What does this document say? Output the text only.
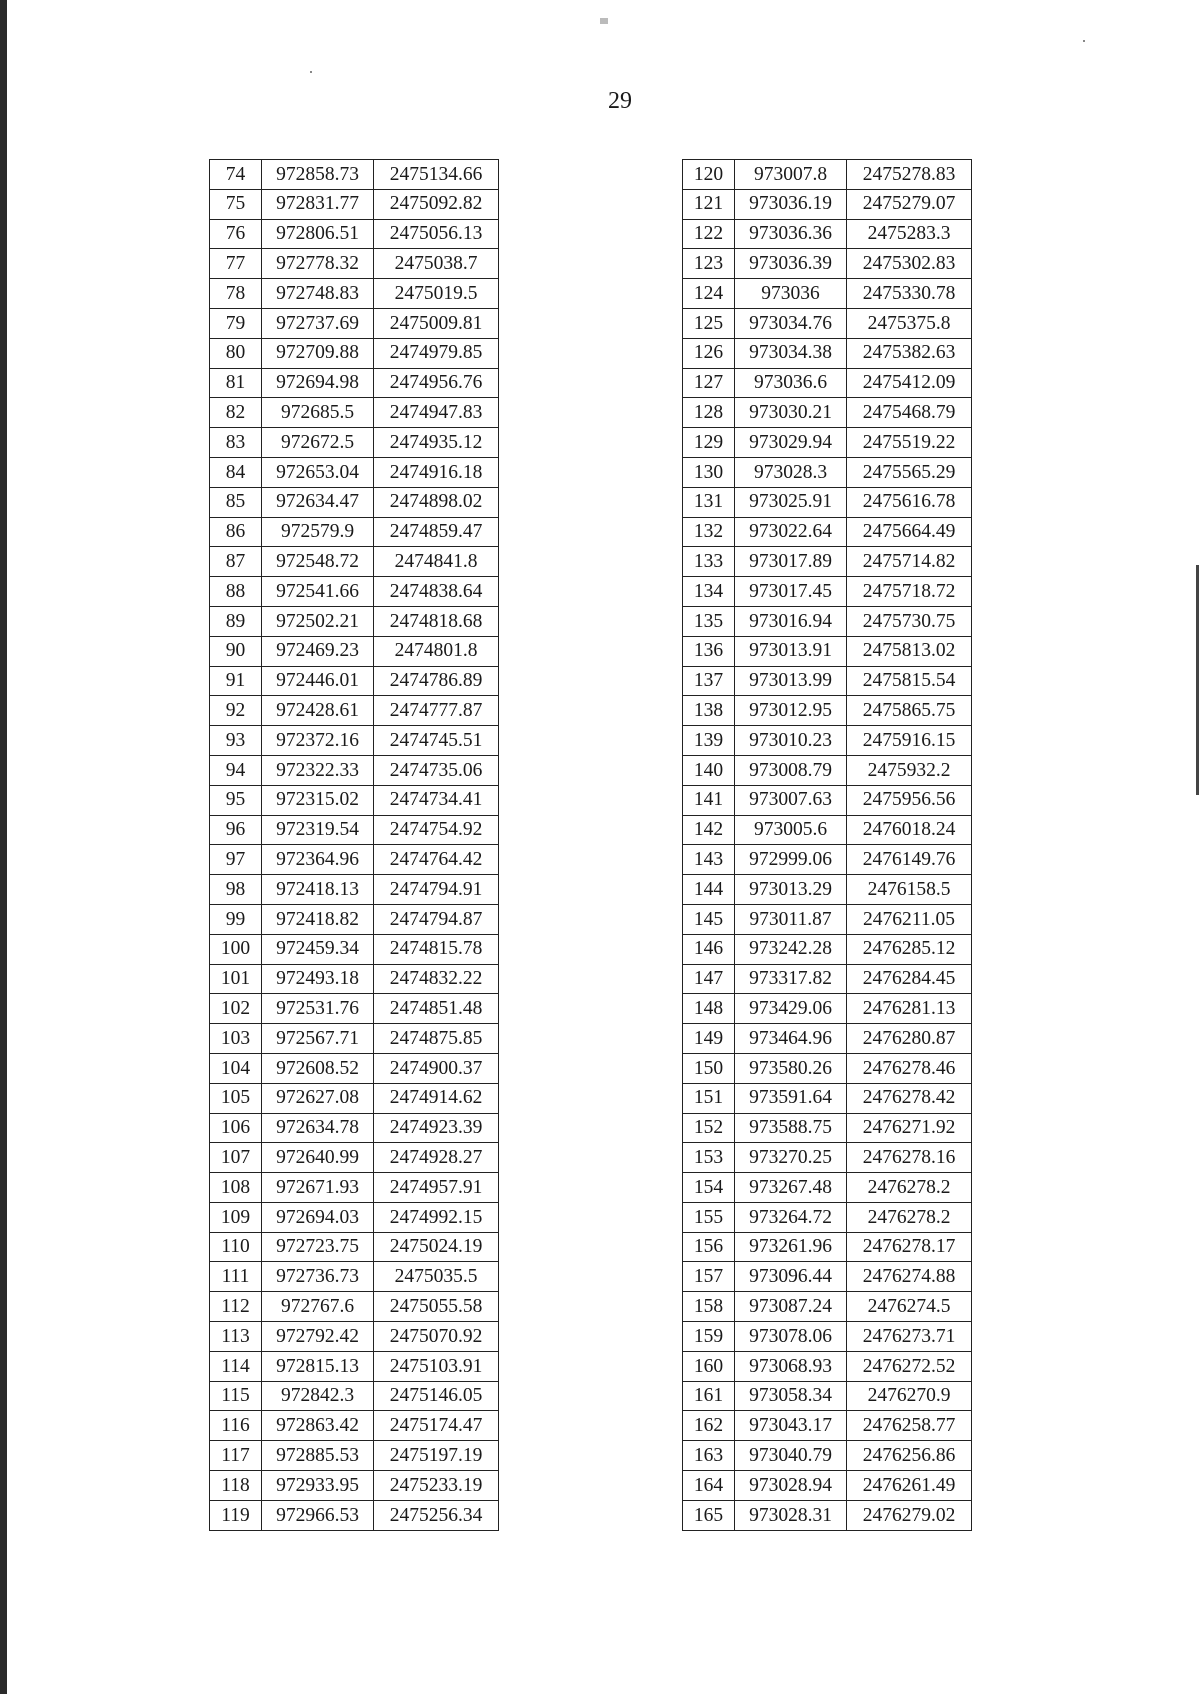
29
74	972858.73	2475134.66
75	972831.77	2475092.82
76	972806.51	2475056.13
77	972778.32	2475038.7
78	972748.83	2475019.5
79	972737.69	2475009.81
80	972709.88	2474979.85
81	972694.98	2474956.76
82	972685.5	2474947.83
83	972672.5	2474935.12
84	972653.04	2474916.18
85	972634.47	2474898.02
86	972579.9	2474859.47
87	972548.72	2474841.8
88	972541.66	2474838.64
89	972502.21	2474818.68
90	972469.23	2474801.8
91	972446.01	2474786.89
92	972428.61	2474777.87
93	972372.16	2474745.51
94	972322.33	2474735.06
95	972315.02	2474734.41
96	972319.54	2474754.92
97	972364.96	2474764.42
98	972418.13	2474794.91
99	972418.82	2474794.87
100	972459.34	2474815.78
101	972493.18	2474832.22
102	972531.76	2474851.48
103	972567.71	2474875.85
104	972608.52	2474900.37
105	972627.08	2474914.62
106	972634.78	2474923.39
107	972640.99	2474928.27
108	972671.93	2474957.91
109	972694.03	2474992.15
110	972723.75	2475024.19
111	972736.73	2475035.5
112	972767.6	2475055.58
113	972792.42	2475070.92
114	972815.13	2475103.91
115	972842.3	2475146.05
116	972863.42	2475174.47
117	972885.53	2475197.19
118	972933.95	2475233.19
119	972966.53	2475256.34
120	973007.8	2475278.83
121	973036.19	2475279.07
122	973036.36	2475283.3
123	973036.39	2475302.83
124	973036	2475330.78
125	973034.76	2475375.8
126	973034.38	2475382.63
127	973036.6	2475412.09
128	973030.21	2475468.79
129	973029.94	2475519.22
130	973028.3	2475565.29
131	973025.91	2475616.78
132	973022.64	2475664.49
133	973017.89	2475714.82
134	973017.45	2475718.72
135	973016.94	2475730.75
136	973013.91	2475813.02
137	973013.99	2475815.54
138	973012.95	2475865.75
139	973010.23	2475916.15
140	973008.79	2475932.2
141	973007.63	2475956.56
142	973005.6	2476018.24
143	972999.06	2476149.76
144	973013.29	2476158.5
145	973011.87	2476211.05
146	973242.28	2476285.12
147	973317.82	2476284.45
148	973429.06	2476281.13
149	973464.96	2476280.87
150	973580.26	2476278.46
151	973591.64	2476278.42
152	973588.75	2476271.92
153	973270.25	2476278.16
154	973267.48	2476278.2
155	973264.72	2476278.2
156	973261.96	2476278.17
157	973096.44	2476274.88
158	973087.24	2476274.5
159	973078.06	2476273.71
160	973068.93	2476272.52
161	973058.34	2476270.9
162	973043.17	2476258.77
163	973040.79	2476256.86
164	973028.94	2476261.49
165	973028.31	2476279.02
